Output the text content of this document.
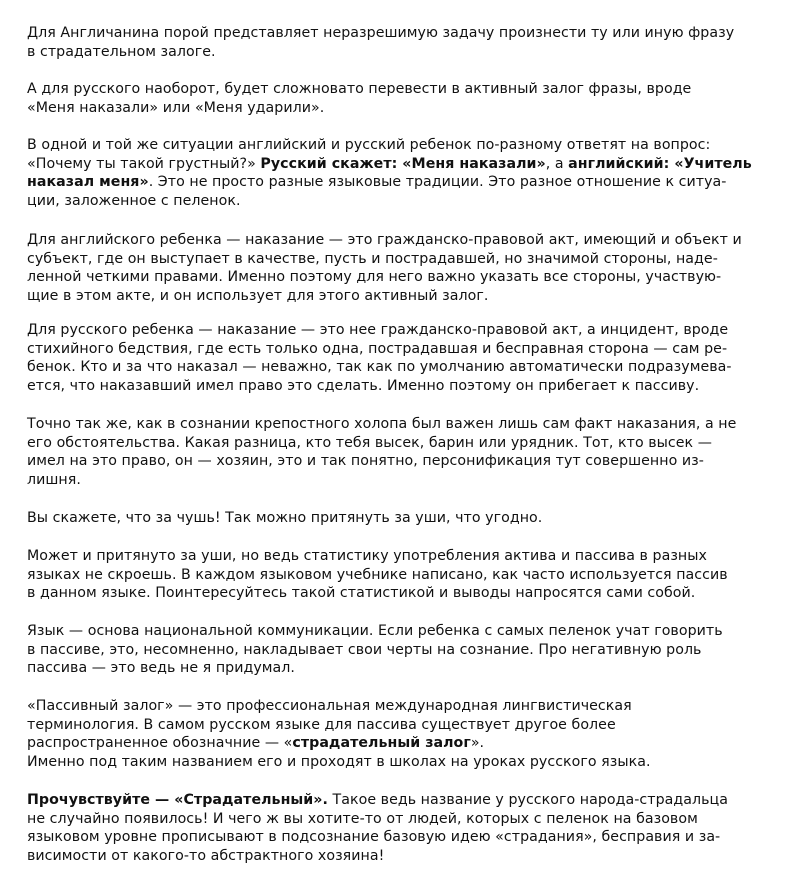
Для Англичанина порой представляет неразрешимую задачу произнести ту или иную фразу
в страдательном залоге.

А для русского наоборот, будет сложновато перевести в активный залог фразы, вроде
«Меня наказали» или «Меня ударили».

В одной и той же ситуации английский и русский ребенок по-разному ответят на вопрос:
«Почему ты такой грустный?» Русский скажет: «Меня наказали», а английский: «Учитель
наказал меня». Это не просто разные языковые традиции. Это разное отношение к ситуа-
ции, заложенное с пеленок.

Для английского ребенка — наказание — это гражданско-правовой акт, имеющий и объект и
субъект, где он выступает в качестве, пусть и пострадавшей, но значимой стороны, наде-
ленной четкими правами. Именно поэтому для него важно указать все стороны, участвую-
щие в этом акте, и он использует для этого активный залог.

Для русского ребенка — наказание — это нее гражданско-правовой акт, а инцидент, вроде
стихийного бедствия, где есть только одна, пострадавшая и бесправная сторона — сам ре-
бенок. Кто и за что наказал — неважно, так как по умолчанию автоматически подразумева-
ется, что наказавший имел право это сделать. Именно поэтому он прибегает к пассиву.

Точно так же, как в сознании крепостного холопа был важен лишь сам факт наказания, а не
его обстоятельства. Какая разница, кто тебя высек, барин или урядник. Тот, кто высек —
имел на это право, он — хозяин, это и так понятно, персонификация тут совершенно из-
лишня.

Вы скажете, что за чушь! Так можно притянуть за уши, что угодно.

Может и притянуто за уши, но ведь статистику употребления актива и пассива в разных
языках не скроешь. В каждом языковом учебнике написано, как часто используется пассив
в данном языке. Поинтересуйтесь такой статистикой и выводы напросятся сами собой.

Язык — основа национальной коммуникации. Если ребенка с самых пеленок учат говорить
в пассиве, это, несомненно, накладывает свои черты на сознание. Про негативную роль
пассива — это ведь не я придумал.

«Пассивный залог» — это профессиональная международная лингвистическая
терминология. В самом русском языке для пассива существует другое более
распространенное обозначние — «страдательный залог».
Именно под таким названием его и проходят в школах на уроках русского языка.

Прочувствуйте — «Страдательный». Такое ведь название у русского народа-страдальца
не случайно появилось! И чего ж вы хотите-то от людей, которых с пеленок на базовом
языковом уровне прописывают в подсознание базовую идею «страдания», бесправия и за-
висимости от какого-то абстрактного хозяина!
